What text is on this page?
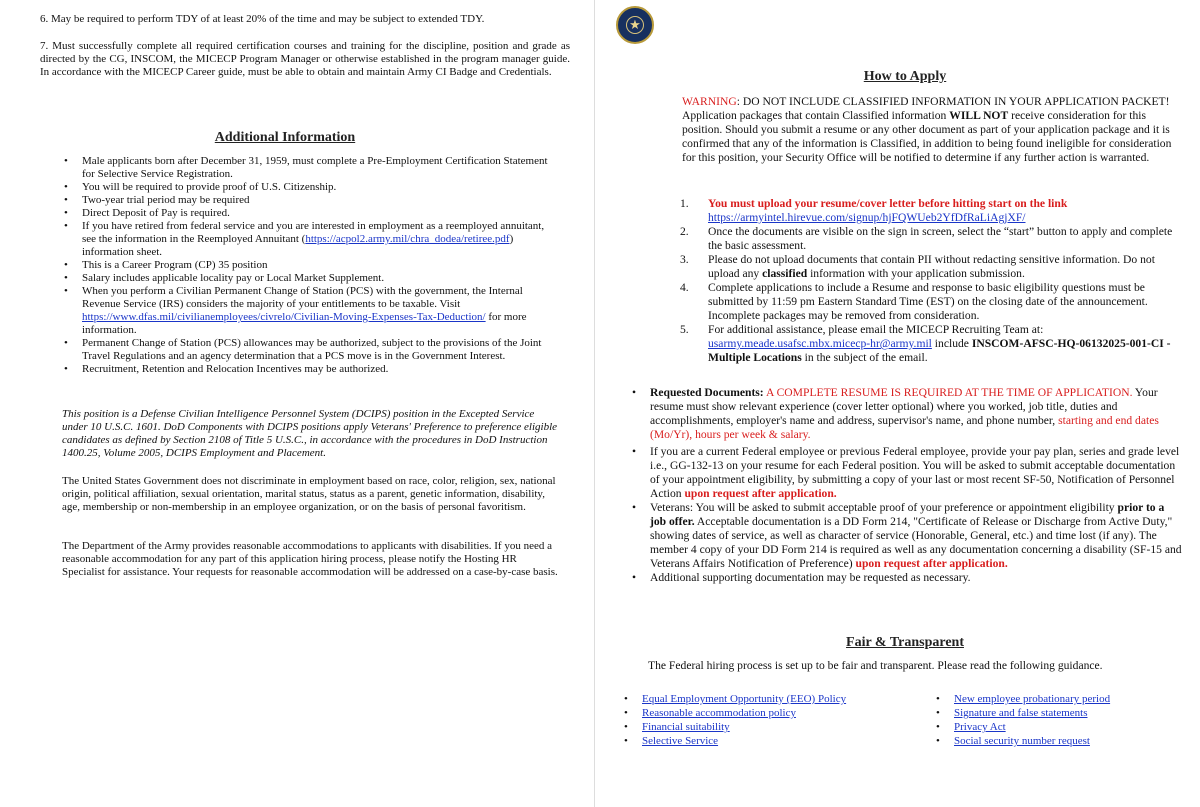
6. May be required to perform TDY of at least 20% of the time and may be subject to extended TDY.

7. Must successfully complete all required certification courses and training for the discipline, position and grade as directed by the CG, INSCOM, the MICECP Program Manager or otherwise established in the program manager guide. In accordance with the MICECP Career guide, must be able to obtain and maintain Army CI Badge and Credentials.

Additional Information
• Male applicants born after December 31, 1959, must complete a Pre-Employment Certification Statement for Selective Service Registration.
• You will be required to provide proof of U.S. Citizenship.
• Two-year trial period may be required
• Direct Deposit of Pay is required.
• If you have retired from federal service and you are interested in employment as a reemployed annuitant, see the information in the Reemployed Annuitant (https://acpol2.army.mil/chra_dodea/retiree.pdf) information sheet.
• This is a Career Program (CP) 35 position
• Salary includes applicable locality pay or Local Market Supplement.
• When you perform a Civilian Permanent Change of Station (PCS) with the government, the Internal Revenue Service (IRS) considers the majority of your entitlements to be taxable. Visit https://www.dfas.mil/civilianemployees/civrelo/Civilian-Moving-Expenses-Tax-Deduction/ for more information.
• Permanent Change of Station (PCS) allowances may be authorized, subject to the provisions of the Joint Travel Regulations and an agency determination that a PCS move is in the Government Interest.
• Recruitment, Retention and Relocation Incentives may be authorized.

This position is a Defense Civilian Intelligence Personnel System (DCIPS) position in the Excepted Service under 10 U.S.C. 1601. DoD Components with DCIPS positions apply Veterans' Preference to preference eligible candidates as defined by Section 2108 of Title 5 U.S.C., in accordance with the procedures in DoD Instruction 1400.25, Volume 2005, DCIPS Employment and Placement.

The United States Government does not discriminate in employment based on race, color, religion, sex, national origin, political affiliation, sexual orientation, marital status, status as a parent, genetic information, disability, age, membership or non-membership in an employee organization, or on the basis of personal favoritism.

The Department of the Army provides reasonable accommodations to applicants with disabilities. If you need a reasonable accommodation for any part of this application hiring process, please notify the Hosting HR Specialist for assistance. Your requests for reasonable accommodation will be addressed on a case-by-case basis.

★
How to Apply

WARNING: DO NOT INCLUDE CLASSIFIED INFORMATION IN YOUR APPLICATION PACKET! Application packages that contain Classified information WILL NOT receive consideration for this position. Should you submit a resume or any other document as part of your application package and it is confirmed that any of the information is Classified, in addition to being found ineligible for consideration for this position, your Security Office will be notified to determine if any further action is warranted.

1. You must upload your resume/cover letter before hitting start on the link
https://armyintel.hirevue.com/signup/hjFQWUeb2YfDfRaLiAgjXF/
2. Once the documents are visible on the sign in screen, select the “start” button to apply and complete the basic assessment.
3. Please do not upload documents that contain PII without redacting sensitive information. Do not upload any classified information with your application submission.
4. Complete applications to include a Resume and response to basic eligibility questions must be submitted by 11:59 pm Eastern Standard Time (EST) on the closing date of the announcement. Incomplete packages may be removed from consideration.
5. For additional assistance, please email the MICECP Recruiting Team at: usarmy.meade.usafsc.mbx.micecp-hr@army.mil include INSCOM-AFSC-HQ-06132025-001-CI -Multiple Locations in the subject of the email.
• Requested Documents: A COMPLETE RESUME IS REQUIRED AT THE TIME OF APPLICATION. Your resume must show relevant experience (cover letter optional) where you worked, job title, duties and accomplishments, employer's name and address, supervisor's name, and phone number, starting and end dates (Mo/Yr), hours per week & salary.
• If you are a current Federal employee or previous Federal employee, provide your pay plan, series and grade level i.e., GG-132-13 on your resume for each Federal position. You will be asked to submit acceptable documentation of your appointment eligibility, by submitting a copy of your last or most recent SF-50, Notification of Personnel Action upon request after application.
• Veterans: You will be asked to submit acceptable proof of your preference or appointment eligibility prior to a job offer. Acceptable documentation is a DD Form 214, "Certificate of Release or Discharge from Active Duty," showing dates of service, as well as character of service (Honorable, General, etc.) and time lost (if any). The member 4 copy of your DD Form 214 is required as well as any documentation concerning a disability (SF-15 and Veterans Affairs Notification of Preference) upon request after application.
• Additional supporting documentation may be requested as necessary.
Fair & Transparent

The Federal hiring process is set up to be fair and transparent. Please read the following guidance.

• Equal Employment Opportunity (EEO) Policy
• Reasonable accommodation policy
• Financial suitability
• Selective Service
• New employee probationary period
• Signature and false statements
• Privacy Act
• Social security number request
